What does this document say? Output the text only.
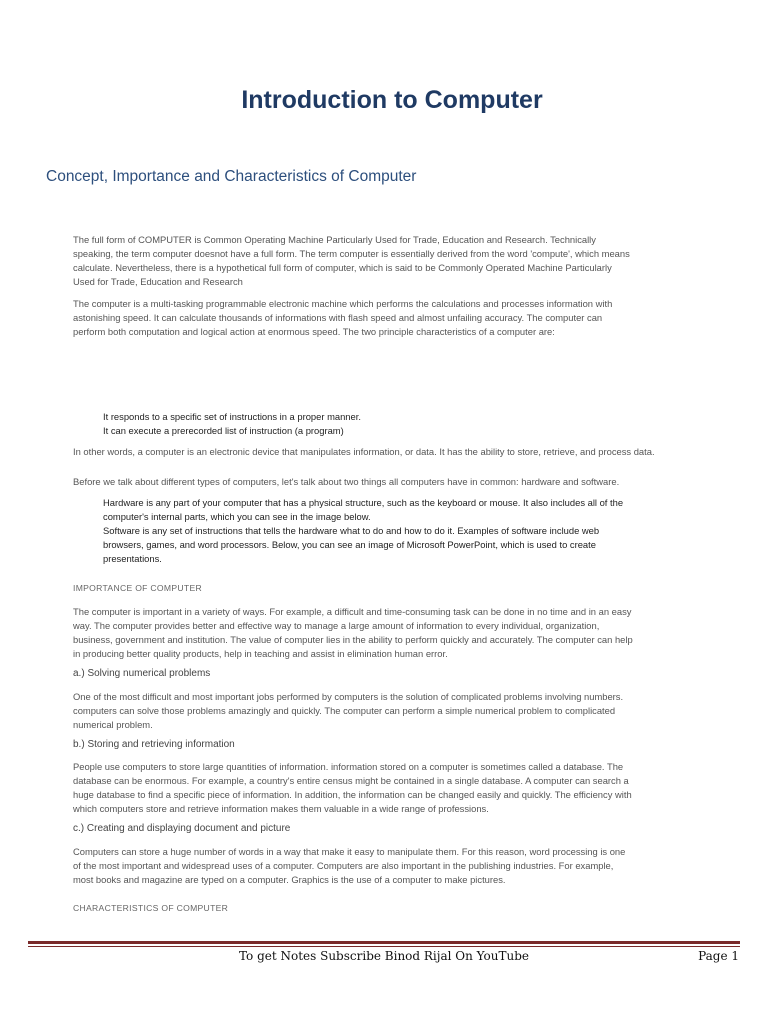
Introduction to Computer
Concept, Importance and Characteristics of Computer

The full form of COMPUTER is Common Operating Machine Particularly Used for Trade, Education and Research. Technically

speaking, the term computer doesnot have a full form. The term computer is essentially derived from the word 'compute', which means

calculate. Nevertheless, there is a hypothetical full form of computer, which is said to be Commonly Operated Machine Particularly

Used for Trade, Education and Research

The computer is a multi-tasking programmable electronic machine which performs the calculations and processes information with

astonishing speed. It can calculate thousands of informations with flash speed and almost unfailing accuracy. The computer can

perform both computation and logical action at enormous speed. The two principle characteristics of a computer are:

It responds to a specific set of instructions in a proper manner.
It can execute a prerecorded list of instruction (a program)

In other words, a computer is an electronic device that manipulates information, or data. It has the ability to store, retrieve, and process data.

Before we talk about different types of computers, let's talk about two things all computers have in common: hardware and software.

Hardware is any part of your computer that has a physical structure, such as the keyboard or mouse. It also includes all of the
computer's internal parts, which you can see in the image below.
Software is any set of instructions that tells the hardware what to do and how to do it. Examples of software include web
browsers, games, and word processors. Below, you can see an image of Microsoft PowerPoint, which is used to create
presentations.
IMPORTANCE OF COMPUTER

The computer is important in a variety of ways. For example, a difficult and time-consuming task can be done in no time and in an easy

way. The computer provides better and effective way to manage a large amount of information to every individual, organization,

business, government and institution. The value of computer lies in the ability to perform quickly and accurately. The computer can help

in producing better quality products, help in teaching and assist in elimination human error.

a.) Solving numerical problems

One of the most difficult and most important jobs performed by computers is the solution of complicated problems involving numbers.

computers can solve those problems amazingly and quickly. The computer can perform a simple numerical problem to complicated

numerical problem.

b.) Storing and retrieving information

People use computers to store large quantities of information. information stored on a computer is sometimes called a database. The

database can be enormous. For example, a country's entire census might be contained in a single database. A computer can search a

huge database to find a specific piece of information. In addition, the information can be changed easily and quickly. The efficiency with

which computers store and retrieve information makes them valuable in a wide range of professions.

c.) Creating and displaying document and picture

Computers can store a huge number of words in a way that make it easy to manipulate them. For this reason, word processing is one

of the most important and widespread uses of a computer. Computers are also important in the publishing industries. For example,

most books and magazine are typed on a computer. Graphics is the use of a computer to make pictures.

CHARACTERISTICS OF COMPUTER
To get Notes Subscribe Binod Rijal On YouTube	Page 1
